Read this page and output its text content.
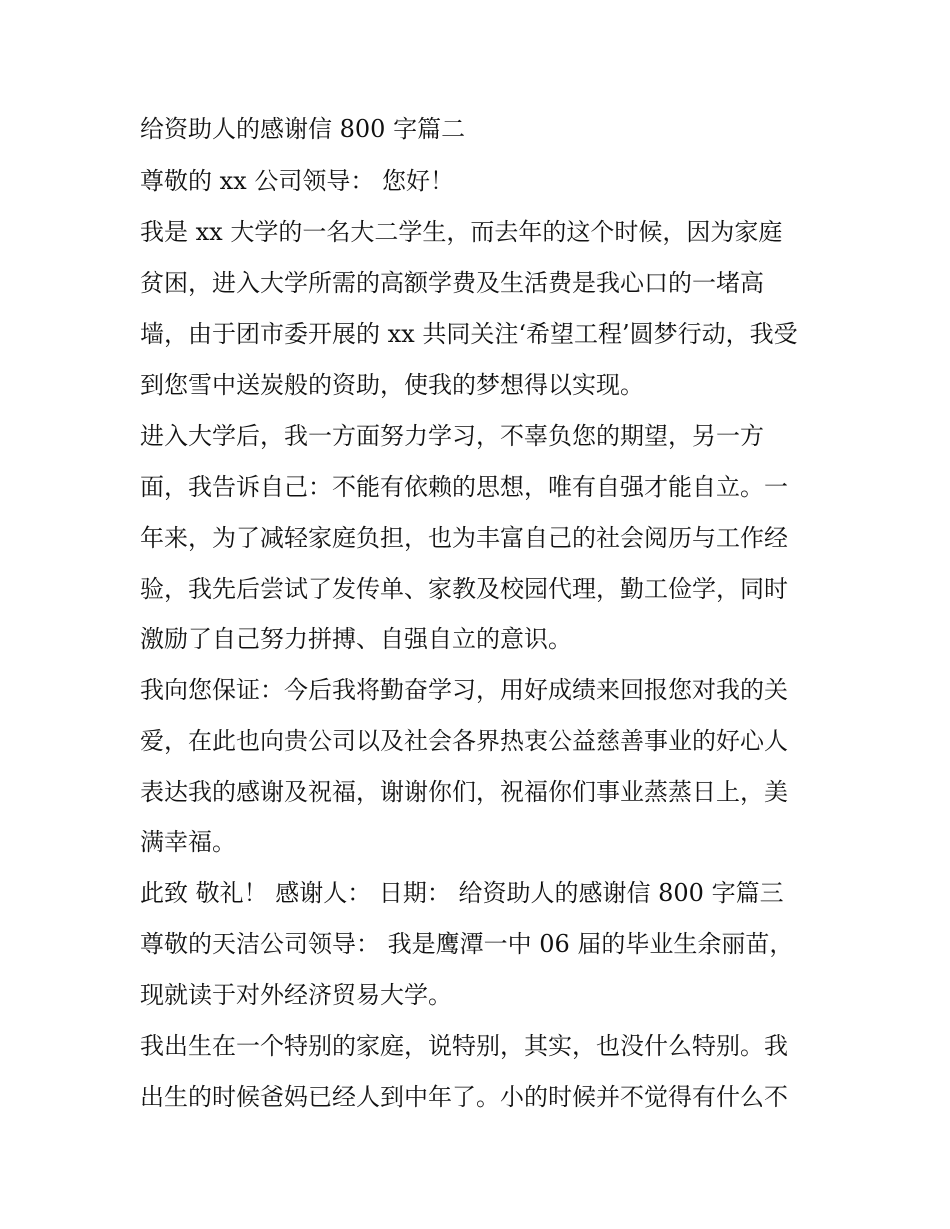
给资助人的感谢信 800 字篇二
尊敬的 xx 公司领导： 您好！
我是 xx 大学的一名大二学生，而去年的这个时候，因为家庭
贫困，进入大学所需的高额学费及生活费是我心口的一堵高
墙，由于团市委开展的 xx 共同关注‘希望工程’圆梦行动，我受
到您雪中送炭般的资助，使我的梦想得以实现。
进入大学后，我一方面努力学习，不辜负您的期望，另一方
面，我告诉自己：不能有依赖的思想，唯有自强才能自立。一
年来，为了减轻家庭负担，也为丰富自己的社会阅历与工作经
验，我先后尝试了发传单、家教及校园代理，勤工俭学，同时
激励了自己努力拼搏、自强自立的意识。
我向您保证：今后我将勤奋学习，用好成绩来回报您对我的关
爱，在此也向贵公司以及社会各界热衷公益慈善事业的好心人
表达我的感谢及祝福，谢谢你们，祝福你们事业蒸蒸日上，美
满幸福。
此致 敬礼！ 感谢人： 日期： 给资助人的感谢信 800 字篇三
尊敬的天洁公司领导： 我是鹰潭一中 06 届的毕业生余丽苗，
现就读于对外经济贸易大学。
我出生在一个特别的家庭，说特别，其实，也没什么特别。我
出生的时候爸妈已经人到中年了。小的时候并不觉得有什么不
